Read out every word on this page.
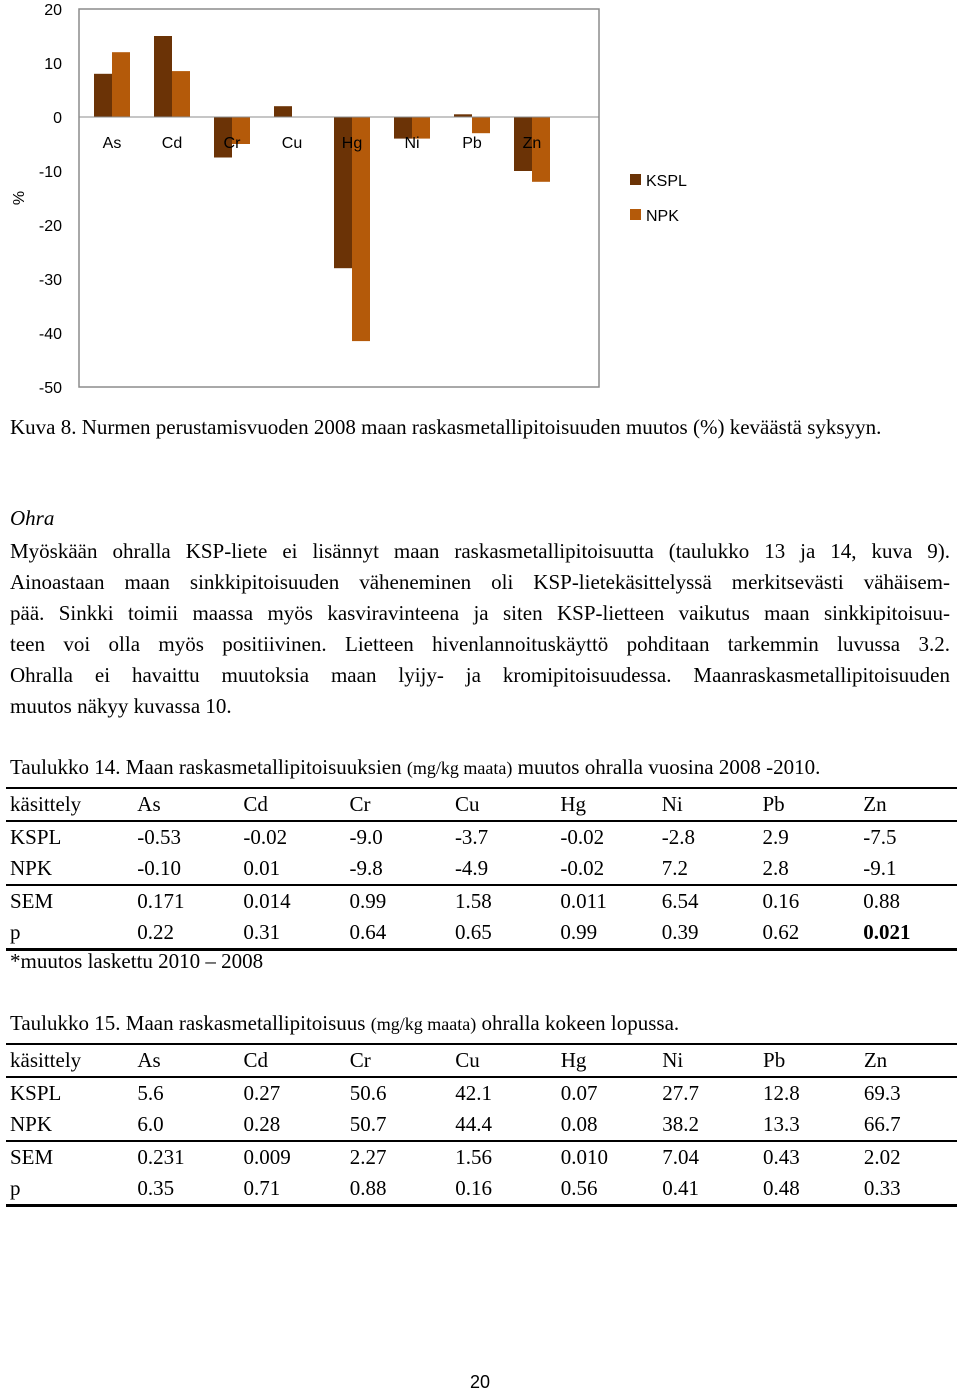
20
10
0
-10
-20
-30
-40
-50
%
As	Cd	Cr	Cu Hg	Ni	Pb	Zn
KSPL
NPK
Kuva 8. Nurmen perustamisvuoden 2008 maan raskasmetallipitoisuuden muutos (%) keväästä syksyyn.
Ohra

Myöskään ohralla KSP-liete ei lisännyt maan raskasmetallipitoisuutta (taulukko 13 ja 14, kuva 9).

Ainoastaan maan sinkkipitoisuuden väheneminen oli KSP-lietekäsittelyssä merkitsevästi vähäisem-

pää. Sinkki toimii maassa myös kasviravinteena ja siten KSP-lietteen vaikutus maan sinkkipitoisuu-

teen voi olla myös positiivinen. Lietteen hivenlannoituskäyttö pohditaan tarkemmin luvussa 3.2.

Ohralla ei havaittu muutoksia maan lyijy- ja kromipitoisuudessa. Maanraskasmetallipitoisuuden

muutos näkyy kuvassa 10.

Taulukko 14. Maan raskasmetallipitoisuuksien (mg/kg maata) muutos ohralla vuosina 2008 -2010.
käsittely	As	Cd	Cr	Cu	Hg	Ni	Pb	Zn
KSPL	-0.53	-0.02	-9.0	-3.7	-0.02	-2.8	2.9	-7.5
NPK	-0.10	0.01	-9.8	-4.9	-0.02	7.2	2.8	-9.1
SEM	0.171	0.014	0.99	1.58	0.011	6.54	0.16	0.88
p	0.22	0.31	0.64	0.65	0.99	0.39	0.62	0.021
*muutos laskettu 2010 – 2008
Taulukko 15. Maan raskasmetallipitoisuus (mg/kg maata) ohralla kokeen lopussa.
käsittely	As	Cd	Cr	Cu	Hg	Ni	Pb	Zn
KSPL	5.6	0.27	50.6	42.1	0.07	27.7	12.8	69.3
NPK	6.0	0.28	50.7	44.4	0.08	38.2	13.3	66.7
SEM	0.231	0.009	2.27	1.56	0.010	7.04	0.43	2.02
p	0.35	0.71	0.88	0.16	0.56	0.41	0.48	0.33
20
